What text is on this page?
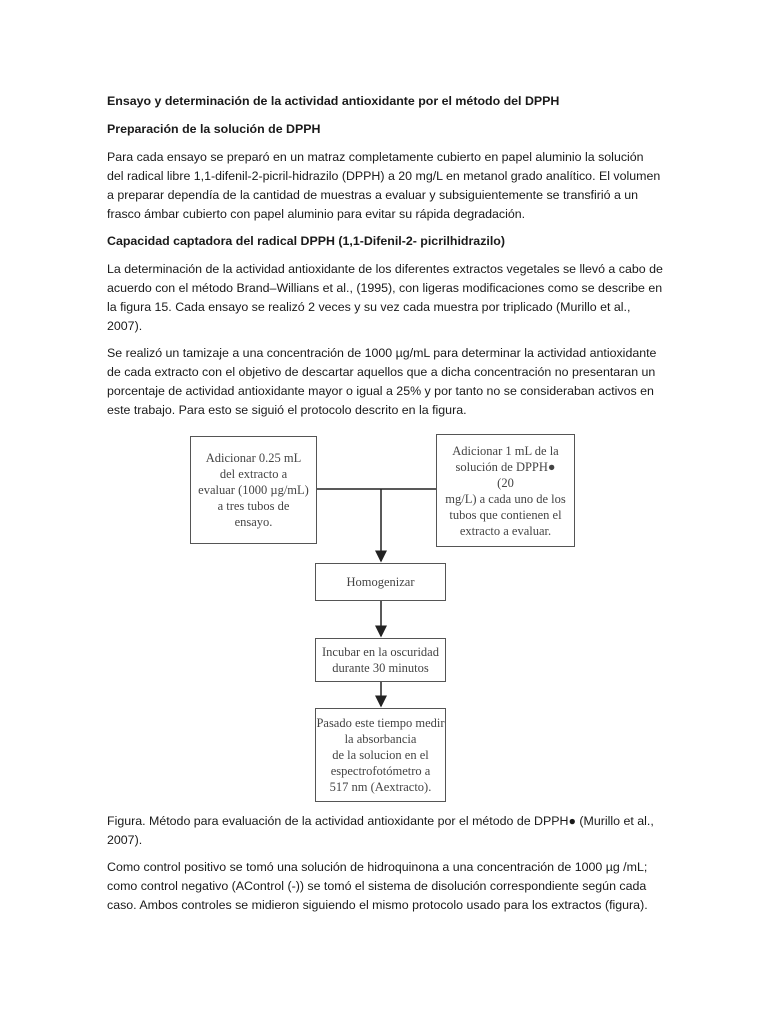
Ensayo y determinación de la actividad antioxidante por el método del DPPH

Preparación de la solución de DPPH

Para cada ensayo se preparó en un matraz completamente cubierto en papel aluminio la solución del radical libre 1,1-difenil-2-picril-hidrazilo (DPPH) a 20 mg/L en metanol grado analítico. El volumen a preparar dependía de la cantidad de muestras a evaluar y subsiguientemente se transfirió a un frasco ámbar cubierto con papel aluminio para evitar su rápida degradación.

Capacidad captadora del radical DPPH (1,1-Difenil-2- picrilhidrazilo)

La determinación de la actividad antioxidante de los diferentes extractos vegetales se llevó a cabo de acuerdo con el método Brand–Willians et al., (1995), con ligeras modificaciones como se describe en la figura 15. Cada ensayo se realizó 2 veces y su vez cada muestra por triplicado (Murillo et al., 2007).

Se realizó un tamizaje a una concentración de 1000 µg/mL para determinar la actividad antioxidante de cada extracto con el objetivo de descartar aquellos que a dicha concentración no presentaran un porcentaje de actividad antioxidante mayor o igual a 25% y por tanto no se consideraban activos en este trabajo. Para esto se siguió el protocolo descrito en la figura.

Adicionar 0.25 mL
del extracto a
evaluar (1000 µg/mL)
a tres tubos de
ensayo.
Adicionar 1 mL de la
solución de DPPH●
(20
mg/L) a cada uno de los
tubos que contienen el
extracto a evaluar.
Homogenizar
Incubar en la oscuridad
durante 30 minutos
Pasado este tiempo medir
la absorbancia
de la solucion en el
espectrofotómetro a
517 nm (Aextracto).

Figura. Método para evaluación de la actividad antioxidante por el método de DPPH● (Murillo et al., 2007).

Como control positivo se tomó una solución de hidroquinona a una concentración de 1000 µg /mL; como control negativo (AControl (-)) se tomó el sistema de disolución correspondiente según cada caso. Ambos controles se midieron siguiendo el mismo protocolo usado para los extractos (figura).
